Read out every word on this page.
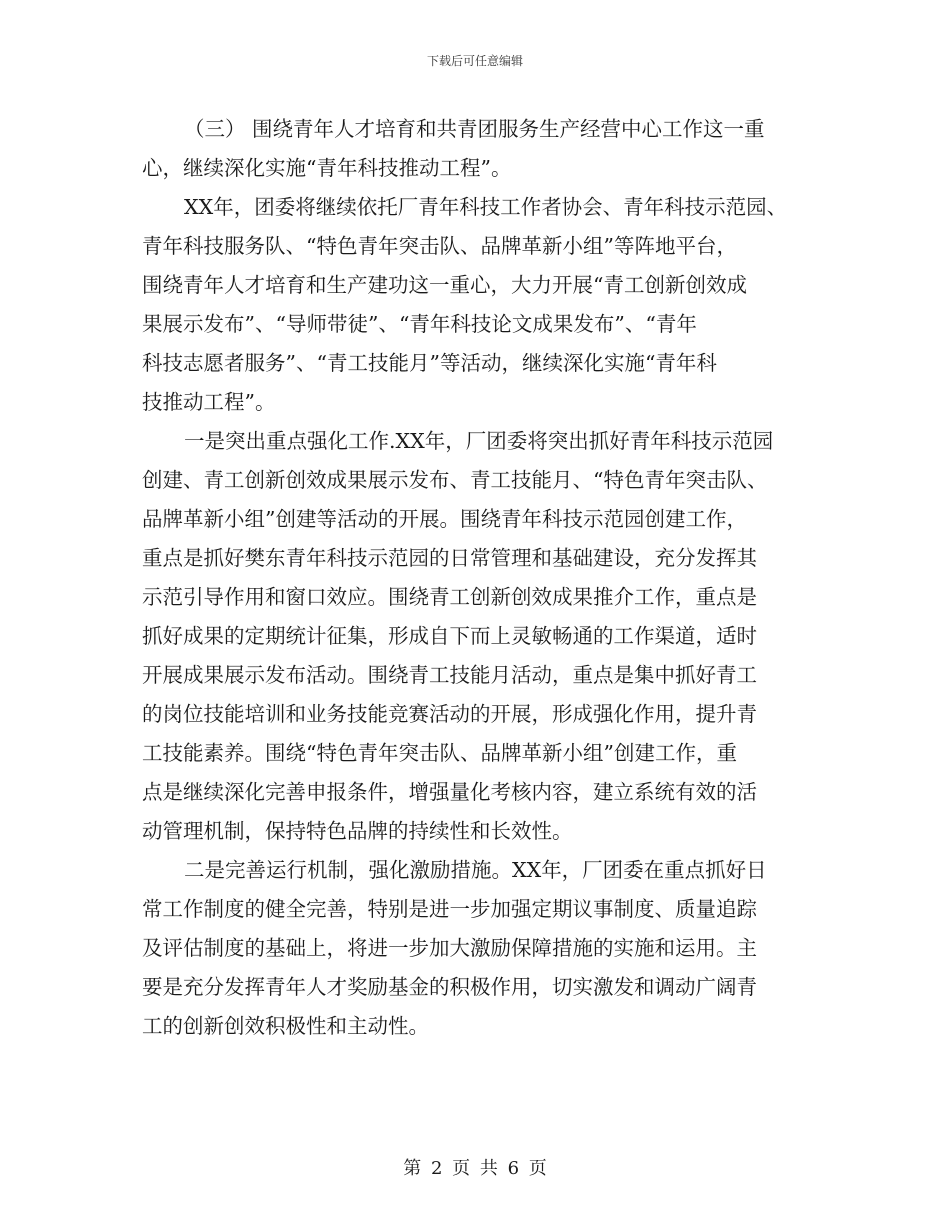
下载后可任意编辑
（三） 围绕青年人才培育和共青团服务生产经营中心工作这一重
心，继续深化实施“青年科技推动工程”。
XX年，团委将继续依托厂青年科技工作者协会、青年科技示范园、
青年科技服务队、“特色青年突击队、品牌革新小组”等阵地平台，
围绕青年人才培育和生产建功这一重心，大力开展“青工创新创效成
果展示发布”、“导师带徒”、“青年科技论文成果发布”、“青年
科技志愿者服务”、“青工技能月”等活动，继续深化实施“青年科
技推动工程”。
一是突出重点强化工作.XX年，厂团委将突出抓好青年科技示范园
创建、青工创新创效成果展示发布、青工技能月、“特色青年突击队、
品牌革新小组”创建等活动的开展。围绕青年科技示范园创建工作，
重点是抓好樊东青年科技示范园的日常管理和基础建设，充分发挥其
示范引导作用和窗口效应。围绕青工创新创效成果推介工作，重点是
抓好成果的定期统计征集，形成自下而上灵敏畅通的工作渠道，适时
开展成果展示发布活动。围绕青工技能月活动，重点是集中抓好青工
的岗位技能培训和业务技能竞赛活动的开展，形成强化作用，提升青
工技能素养。围绕“特色青年突击队、品牌革新小组”创建工作，重
点是继续深化完善申报条件，增强量化考核内容，建立系统有效的活
动管理机制，保持特色品牌的持续性和长效性。
二是完善运行机制，强化激励措施。XX年，厂团委在重点抓好日
常工作制度的健全完善，特别是进一步加强定期议事制度、质量追踪
及评估制度的基础上，将进一步加大激励保障措施的实施和运用。主
要是充分发挥青年人才奖励基金的积极作用，切实激发和调动广阔青
工的创新创效积极性和主动性。
第 2 页 共 6 页
